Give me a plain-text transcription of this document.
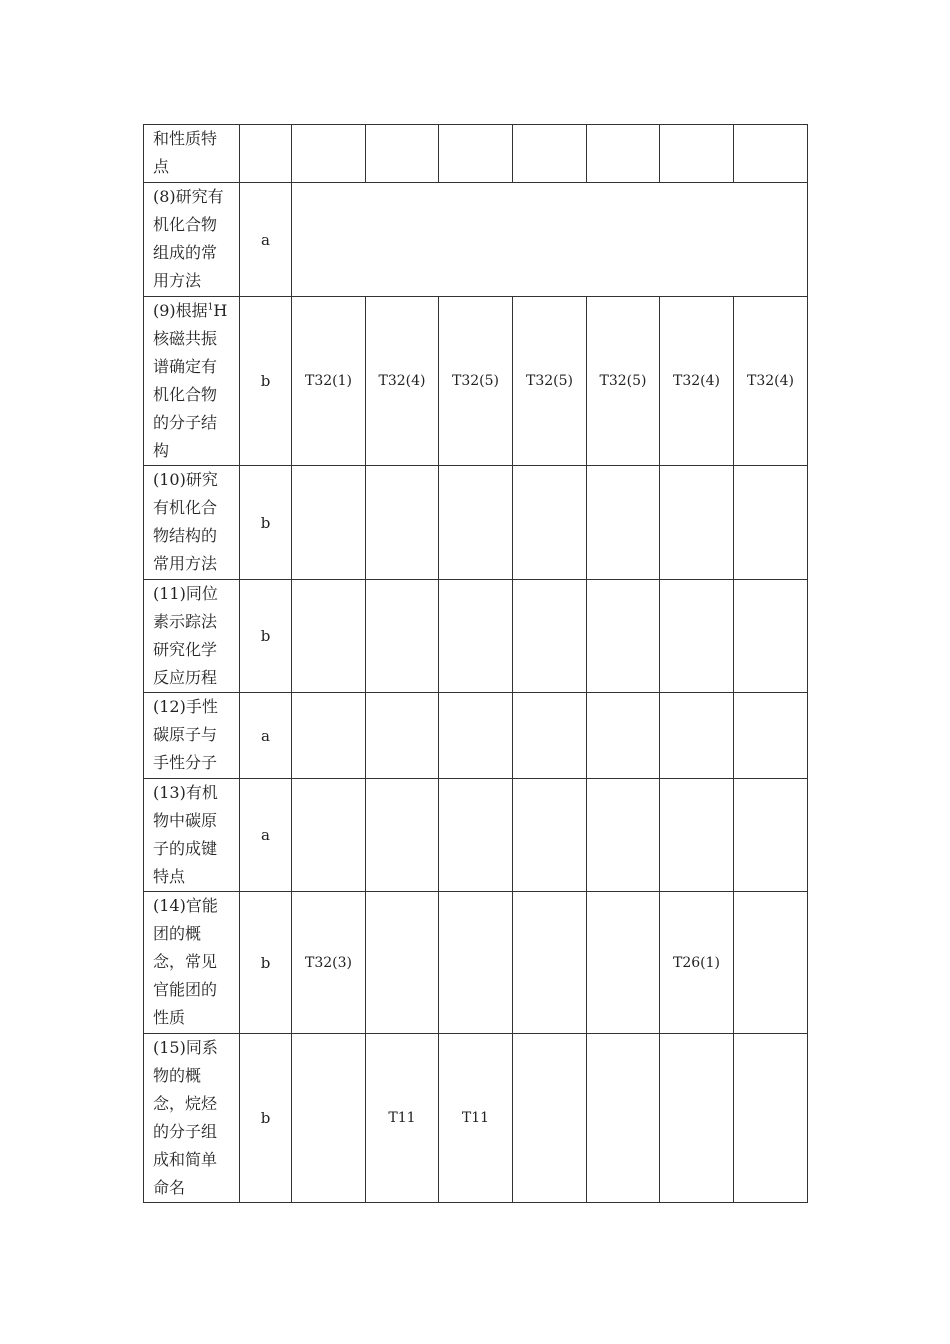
和性质特点								
(8)研究有机化合物组成的常用方法	a							
(9)根据$^1$H核磁共振谱确定有机化合物的分子结构	b	T32(1)	T32(4)	T32(5)	T32(5)	T32(5)	T32(4)	T32(4)
(10)研究有机化合物结构的常用方法	b							
(11)同位素示踪法研究化学反应历程	b							
(12)手性碳原子与手性分子	a							
(13)有机物中碳原子的成键特点	a							
(14)官能团的概念，常见官能团的性质	b	T32(3)					T26(1)	
(15)同系物的概念，烷烃的分子组成和简单命名	b		T11	T11				
